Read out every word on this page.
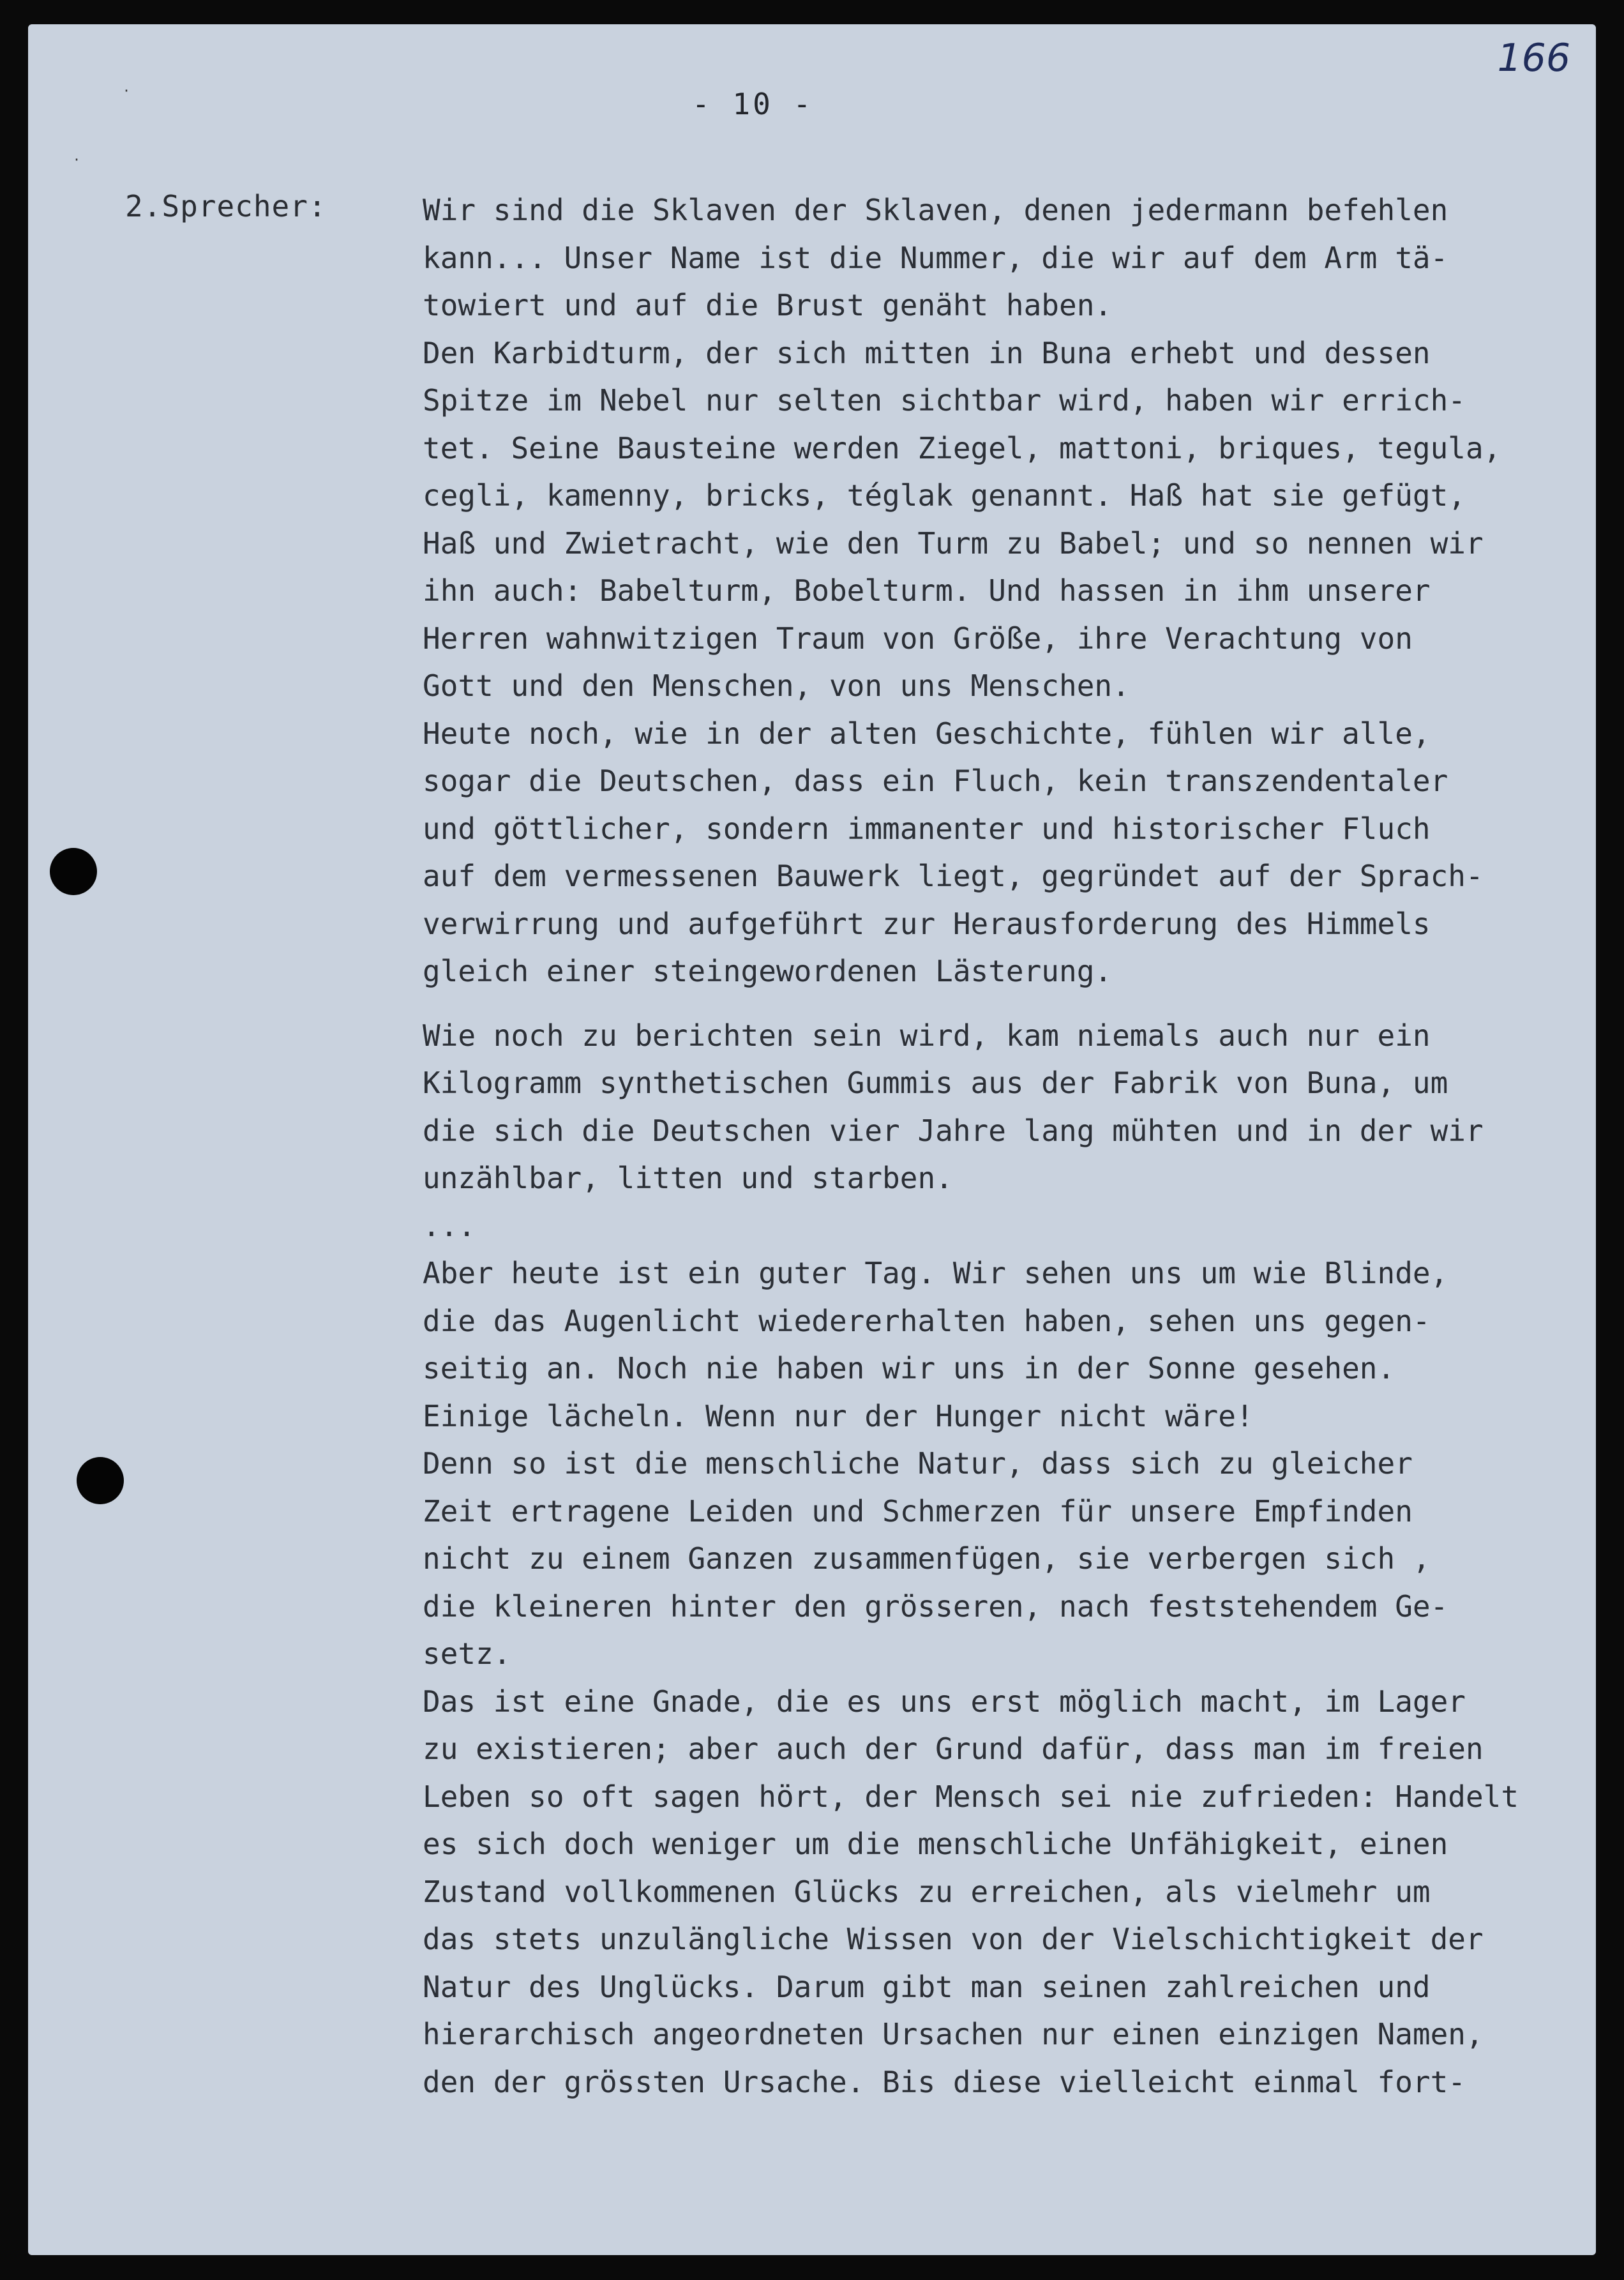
166
- 10 -
·
·
2.Sprecher:	Wir sind die Sklaven der Sklaven, denen jedermann befehlen
kann... Unser Name ist die Nummer, die wir auf dem Arm tä-
towiert und auf die Brust genäht haben.
Den Karbidturm, der sich mitten in Buna erhebt und dessen
Spitze im Nebel nur selten sichtbar wird, haben wir errich-
tet. Seine Bausteine werden Ziegel, mattoni, briques, tegula,
cegli, kamenny, bricks, téglak genannt. Haß hat sie gefügt,
Haß und Zwietracht, wie den Turm zu Babel; und so nennen wir
ihn auch: Babelturm, Bobelturm. Und hassen in ihm unserer
Herren wahnwitzigen Traum von Größe, ihre Verachtung von
Gott und den Menschen, von uns Menschen.
Heute noch, wie in der alten Geschichte, fühlen wir alle,
sogar die Deutschen, dass ein Fluch, kein transzendentaler
und göttlicher, sondern immanenter und historischer Fluch
auf dem vermessenen Bauwerk liegt, gegründet auf der Sprach-
verwirrung und aufgeführt zur Herausforderung des Himmels
gleich einer steingewordenen Lästerung.
Wie noch zu berichten sein wird, kam niemals auch nur ein
Kilogramm synthetischen Gummis aus der Fabrik von Buna, um
die sich die Deutschen vier Jahre lang mühten und in der wir
unzählbar, litten und starben.
...
Aber heute ist ein guter Tag. Wir sehen uns um wie Blinde,
die das Augenlicht wiedererhalten haben, sehen uns gegen-
seitig an. Noch nie haben wir uns in der Sonne gesehen.
Einige lächeln. Wenn nur der Hunger nicht wäre!
Denn so ist die menschliche Natur, dass sich zu gleicher
Zeit ertragene Leiden und Schmerzen für unsere Empfinden
nicht zu einem Ganzen zusammenfügen, sie verbergen sich ,
die kleineren hinter den grösseren, nach feststehendem Ge-
setz.
Das ist eine Gnade, die es uns erst möglich macht, im Lager
zu existieren; aber auch der Grund dafür, dass man im freien
Leben so oft sagen hört, der Mensch sei nie zufrieden: Handelt
es sich doch weniger um die menschliche Unfähigkeit, einen
Zustand vollkommenen Glücks zu erreichen, als vielmehr um
das stets unzulängliche Wissen von der Vielschichtigkeit der
Natur des Unglücks. Darum gibt man seinen zahlreichen und
hierarchisch angeordneten Ursachen nur einen einzigen Namen,
den der grössten Ursache. Bis diese vielleicht einmal fort-
